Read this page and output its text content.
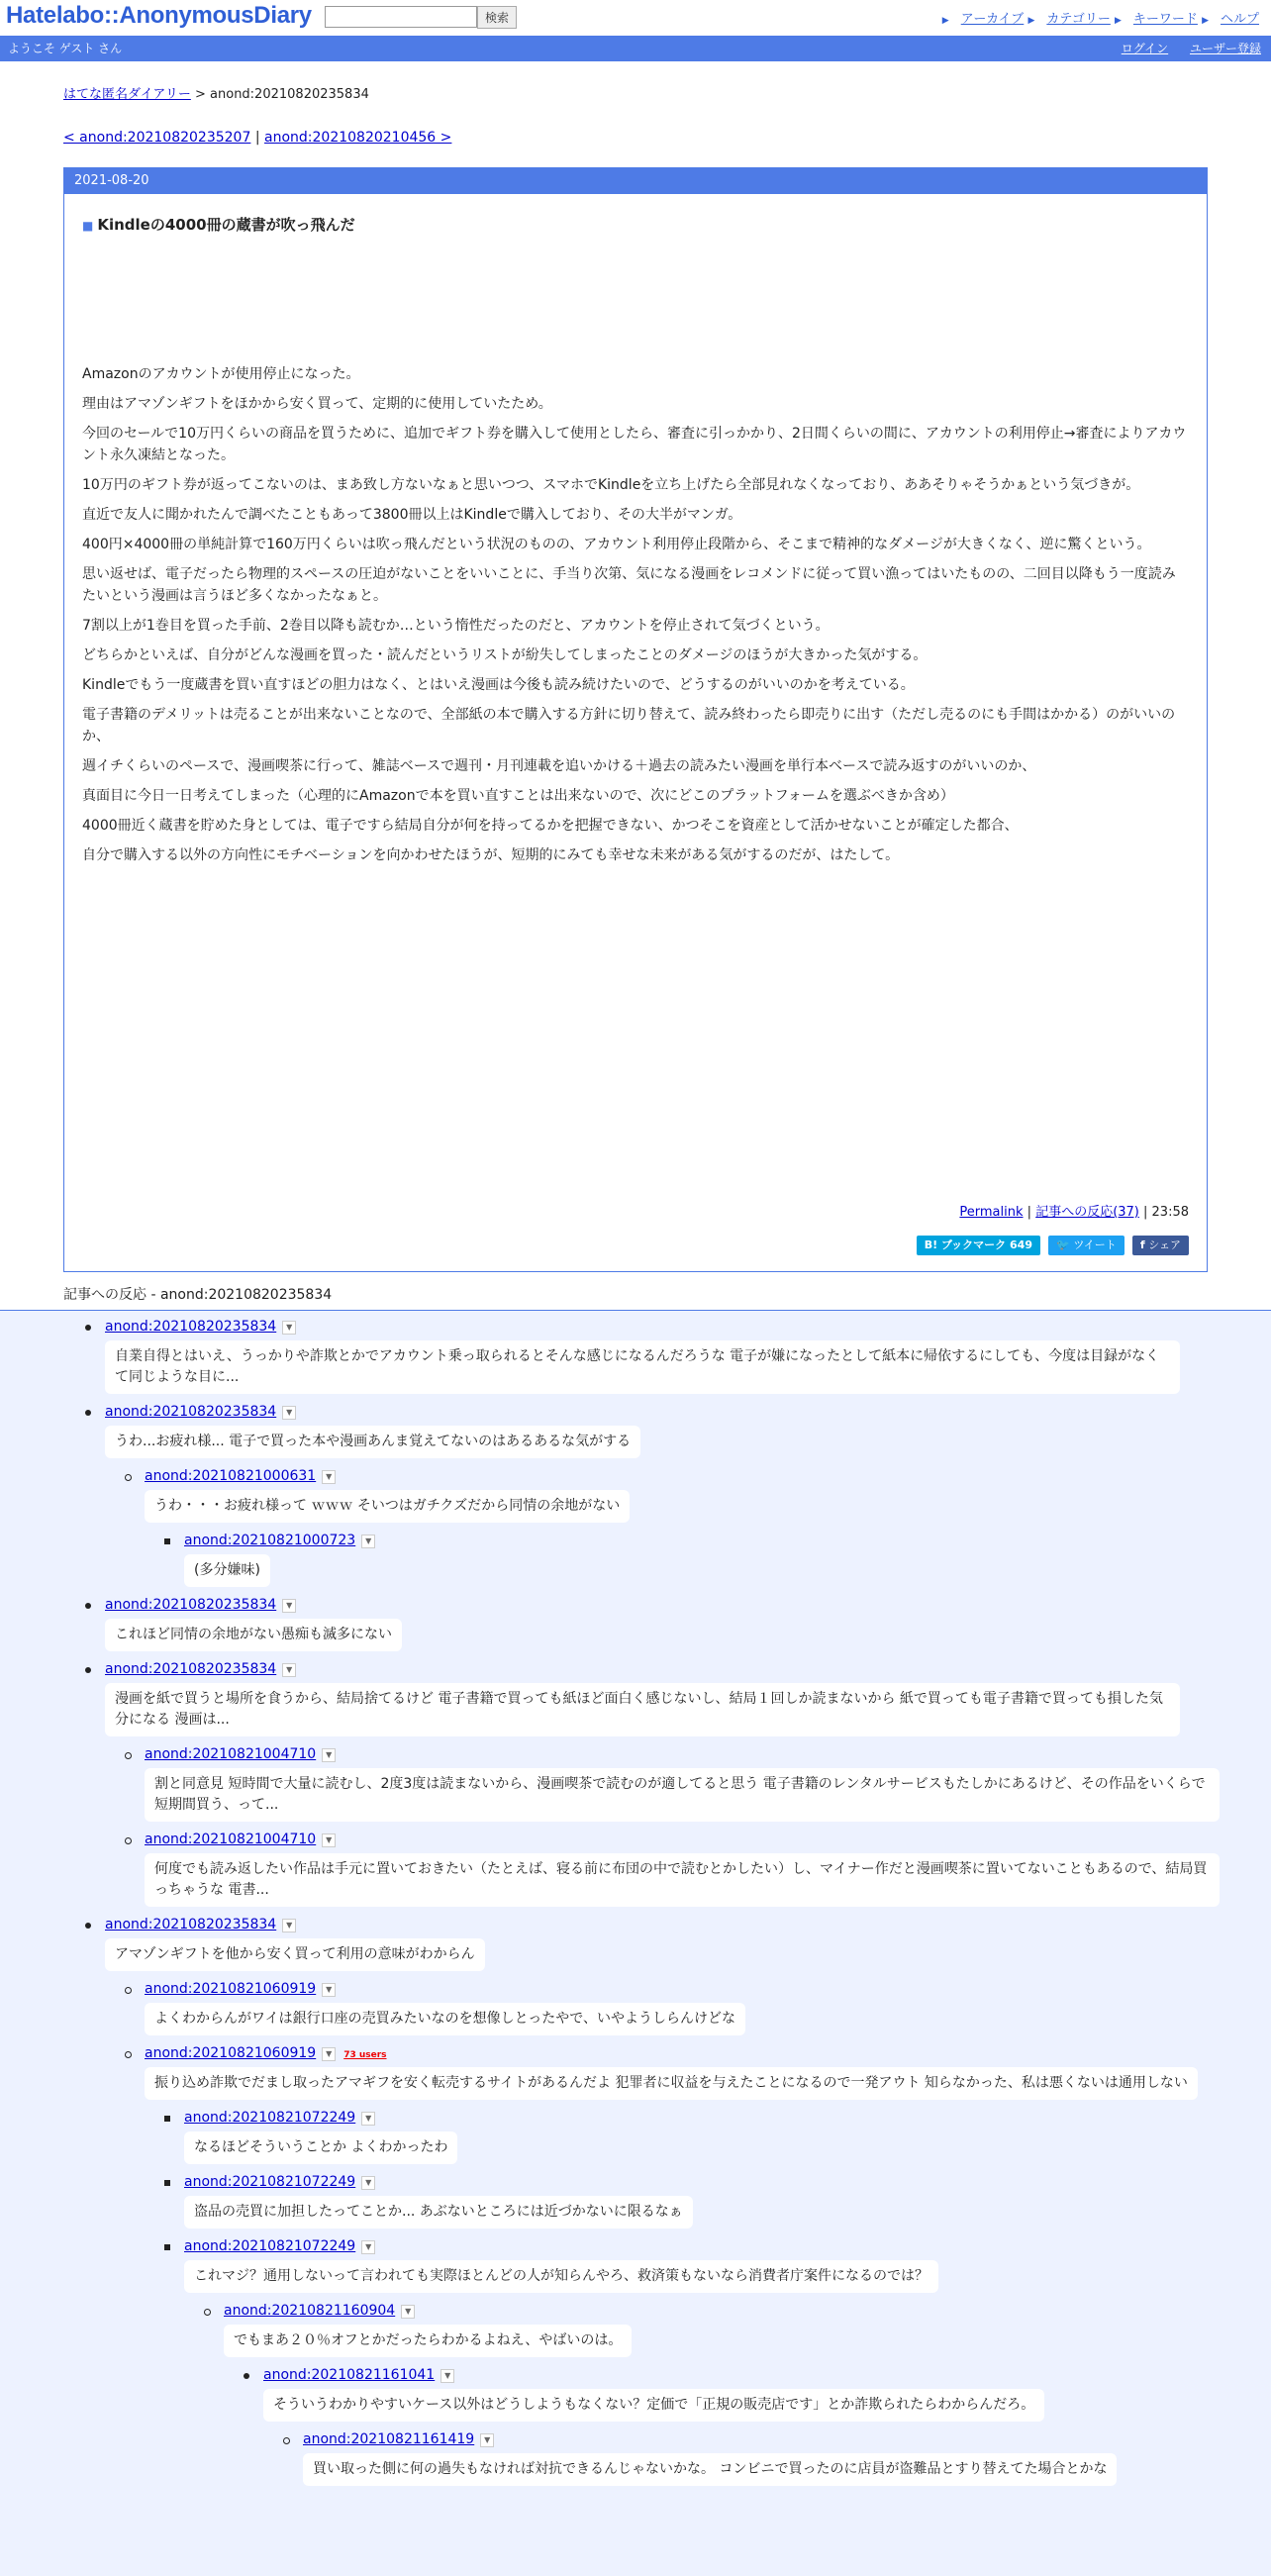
Hatelabo::AnonymousDiary	検索	▶ アーカイブ ▶ カテゴリー ▶ キーワード ▶ ヘルプ
ようこそ ゲスト さん	ログイン ユーザー登録
はてな匿名ダイアリー > anond:20210820235834
< anond:20210820235207 | anond:20210820210456 >
2021-08-20
■ Kindleの4000冊の蔵書が吹っ飛んだ

Amazonのアカウントが使用停止になった。

理由はアマゾンギフトをほかから安く買って、定期的に使用していたため。

今回のセールで10万円くらいの商品を買うために、追加でギフト券を購入して使用としたら、審査に引っかかり、2日間くらいの間に、アカウントの利用停止→審査によりアカウント永久凍結となった。

10万円のギフト券が返ってこないのは、まあ致し方ないなぁと思いつつ、スマホでKindleを立ち上げたら全部見れなくなっており、ああそりゃそうかぁという気づきが。

直近で友人に聞かれたんで調べたこともあって3800冊以上はKindleで購入しており、その大半がマンガ。

400円×4000冊の単純計算で160万円くらいは吹っ飛んだという状況のものの、アカウント利用停止段階から、そこまで精神的なダメージが大きくなく、逆に驚くという。

思い返せば、電子だったら物理的スペースの圧迫がないことをいいことに、手当り次第、気になる漫画をレコメンドに従って買い漁ってはいたものの、二回目以降もう一度読みたいという漫画は言うほど多くなかったなぁと。

7割以上が1巻目を買った手前、2巻目以降も読むか…という惰性だったのだと、アカウントを停止されて気づくという。

どちらかといえば、自分がどんな漫画を買った・読んだというリストが紛失してしまったことのダメージのほうが大きかった気がする。

Kindleでもう一度蔵書を買い直すほどの胆力はなく、とはいえ漫画は今後も読み続けたいので、どうするのがいいのかを考えている。

電子書籍のデメリットは売ることが出来ないことなので、全部紙の本で購入する方針に切り替えて、読み終わったら即売りに出す（ただし売るのにも手間はかかる）のがいいのか、

週イチくらいのペースで、漫画喫茶に行って、雑誌ベースで週刊・月刊連載を追いかける＋過去の読みたい漫画を単行本ベースで読み返すのがいいのか、

真面目に今日一日考えてしまった（心理的にAmazonで本を買い直すことは出来ないので、次にどこのプラットフォームを選ぶべきか含め）

4000冊近く蔵書を貯めた身としては、電子ですら結局自分が何を持ってるかを把握できない、かつそこを資産として活かせないことが確定した都合、

自分で購入する以外の方向性にモチベーションを向かわせたほうが、短期的にみても幸せな未来がある気がするのだが、はたして。

Permalink | 記事への反応(37) | 23:58
B! ブックマーク 649 🐦 ツイート f シェア
記事への反応 - anond:20210820235834
anond:20210820235834 ▼
自業自得とはいえ、うっかりや詐欺とかでアカウント乗っ取られるとそんな感じになるんだろうな 電子が嫌になったとして紙本に帰依するにしても、今度は目録がなくて同じような目に...
anond:20210820235834 ▼
うわ...お疲れ様... 電子で買った本や漫画あんま覚えてないのはあるあるな気がする
anond:20210821000631 ▼
うわ・・・お疲れ様って ｗｗｗ そいつはガチクズだから同情の余地がない
anond:20210821000723 ▼
(多分嫌味)
anond:20210820235834 ▼
これほど同情の余地がない愚痴も滅多にない
anond:20210820235834 ▼
漫画を紙で買うと場所を食うから、結局捨てるけど 電子書籍で買っても紙ほど面白く感じないし、結局１回しか読まないから 紙で買っても電子書籍で買っても損した気分になる 漫画は...
anond:20210821004710 ▼
割と同意見 短時間で大量に読むし、2度3度は読まないから、漫画喫茶で読むのが適してると思う 電子書籍のレンタルサービスもたしかにあるけど、その作品をいくらで短期間買う、って...
anond:20210821004710 ▼
何度でも読み返したい作品は手元に置いておきたい（たとえば、寝る前に布団の中で読むとかしたい）し、マイナー作だと漫画喫茶に置いてないこともあるので、結局買っちゃうな 電書...
anond:20210820235834 ▼
アマゾンギフトを他から安く買って利用の意味がわからん
anond:20210821060919 ▼
よくわからんがワイは銀行口座の売買みたいなのを想像しとったやで、いやようしらんけどな
anond:20210821060919 ▼ 73 users
振り込め詐欺でだまし取ったアマギフを安く転売するサイトがあるんだよ 犯罪者に収益を与えたことになるので一発アウト 知らなかった、私は悪くないは通用しない
anond:20210821072249 ▼
なるほどそういうことか よくわかったわ
anond:20210821072249 ▼
盗品の売買に加担したってことか... あぶないところには近づかないに限るなぁ
anond:20210821072249 ▼
これマジ？通用しないって言われても実際ほとんどの人が知らんやろ、救済策もないなら消費者庁案件になるのでは？
anond:20210821160904 ▼
でもまあ２０％オフとかだったらわかるよねえ、やばいのは。
anond:20210821161041 ▼
そういうわかりやすいケース以外はどうしようもなくない？定価で「正規の販売店です」とか詐欺られたらわからんだろ。
anond:20210821161419 ▼
買い取った側に何の過失もなければ対抗できるんじゃないかな。 コンビニで買ったのに店員が盗難品とすり替えてた場合とかな
